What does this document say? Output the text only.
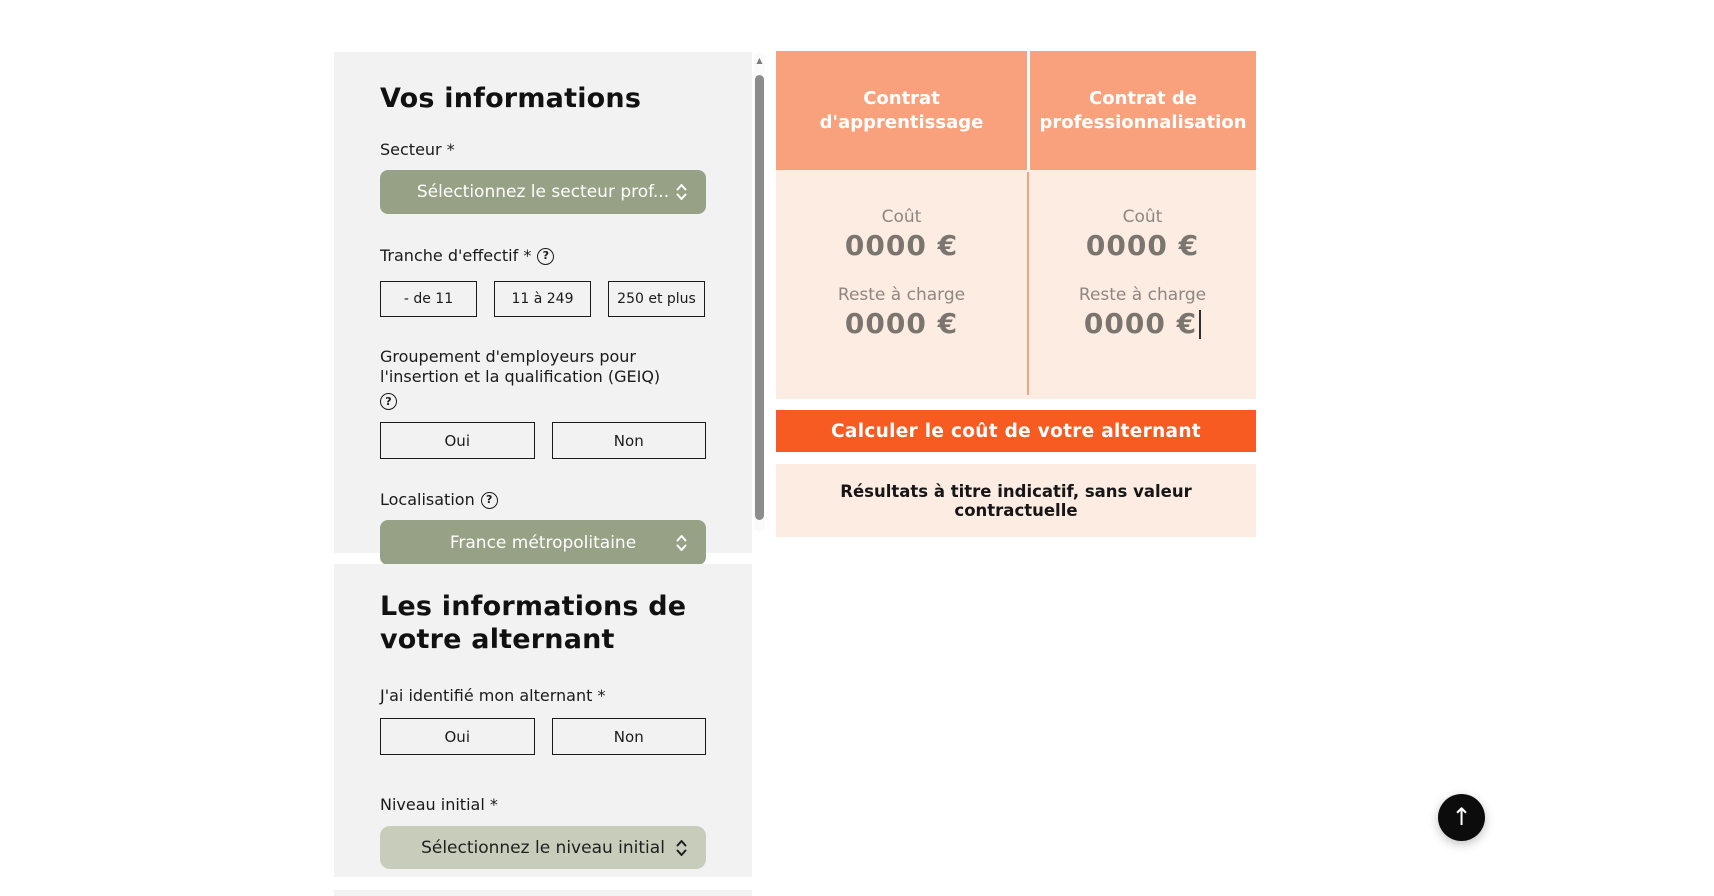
Vos informations
Secteur *
Sélectionnez le secteur prof...
Tranche d'effectif *	?
- de 11	11 à 249	250 et plus
Groupement d'employeurs pour l'insertion et la qualification (GEIQ)
?
Oui	Non
Localisation	?
France métropolitaine
Les informations de votre alternant
J'ai identifié mon alternant *
Oui	Non
Niveau initial *
Sélectionnez le niveau initial
▲
Contrat d'apprentissage
Contrat de professionnalisation
Coût
0000 €
Reste à charge
0000 €
Coût
0000 €
Reste à charge
0000 €
Calculer le coût de votre alternant
Résultats à titre indicatif, sans valeur contractuelle
↑
